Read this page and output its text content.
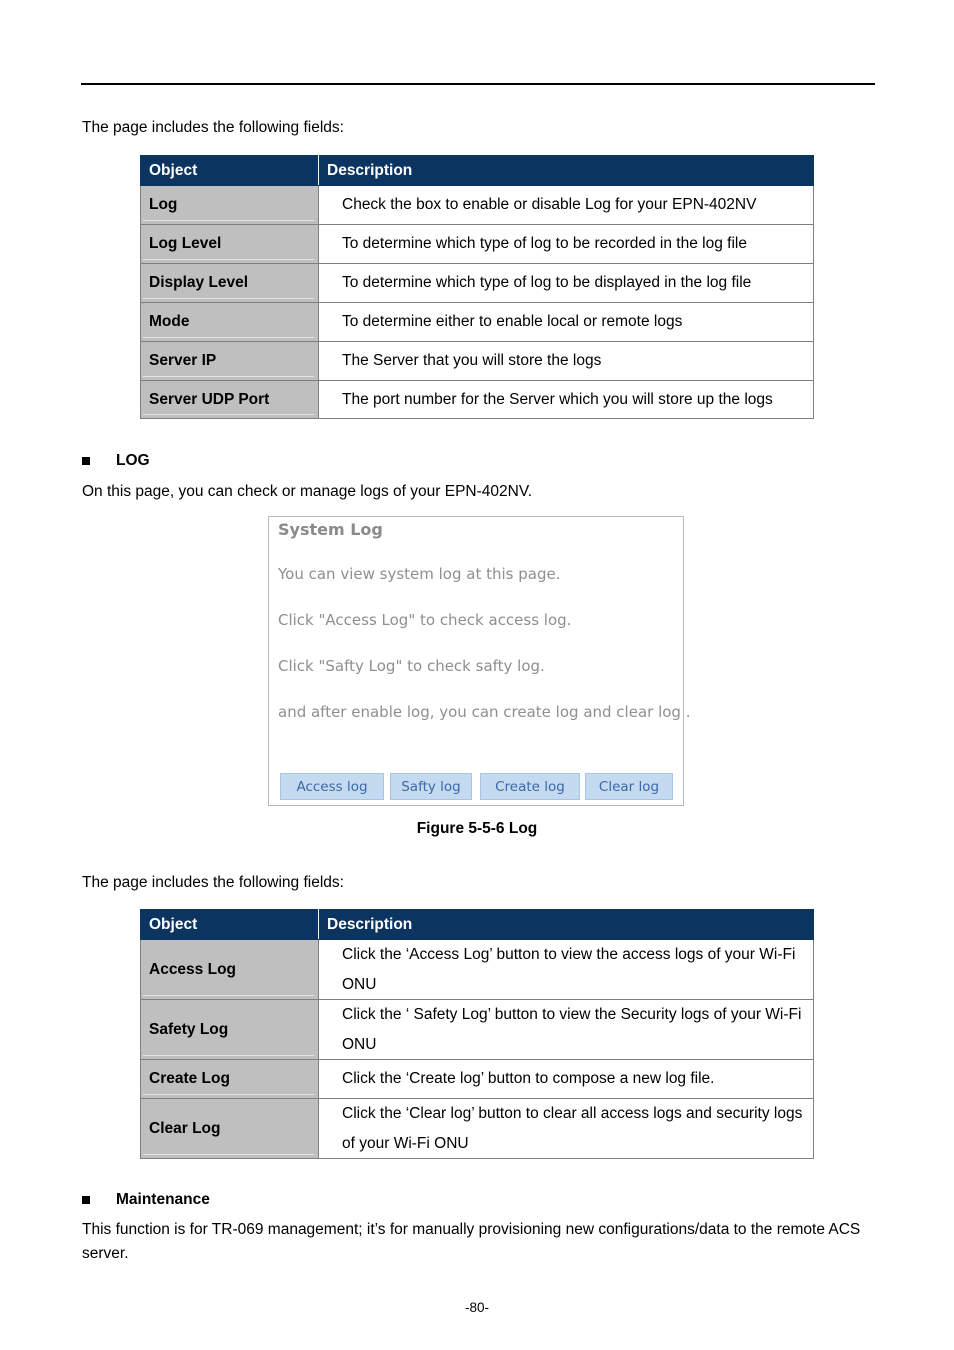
The page includes the following fields:

Object	Description

Log	Check the box to enable or disable Log for your EPN-402NV

Log Level	To determine which type of log to be recorded in the log file

Display Level	To determine which type of log to be displayed in the log file

Mode	To determine either to enable local or remote logs

Server IP	The Server that you will store the logs

Server UDP Port	The port number for the Server which you will store up the logs
LOG

On this page, you can check or manage logs of your EPN-402NV.

System Log
You can view system log at this page.
Click "Access Log" to check access log.
Click "Safty Log" to check safty log.
and after enable log, you can create log and clear log .
Access log	Safty log	Create log	Clear log
Figure 5-5-6 Log

The page includes the following fields:

Object	Description

Access Log	Click the ‘Access Log’ button to view the access logs of your Wi-Fi ONU

Safety Log	Click the ‘ Safety Log’ button to view the Security logs of your Wi-Fi ONU

Create Log	Click the ‘Create log’ button to compose a new log file.

Clear Log	Click the ‘Clear log’ button to clear all access logs and security logs of your Wi-Fi ONU
Maintenance

This function is for TR-069 management; it’s for manually provisioning new configurations/data to the remote ACS server.

-80-
